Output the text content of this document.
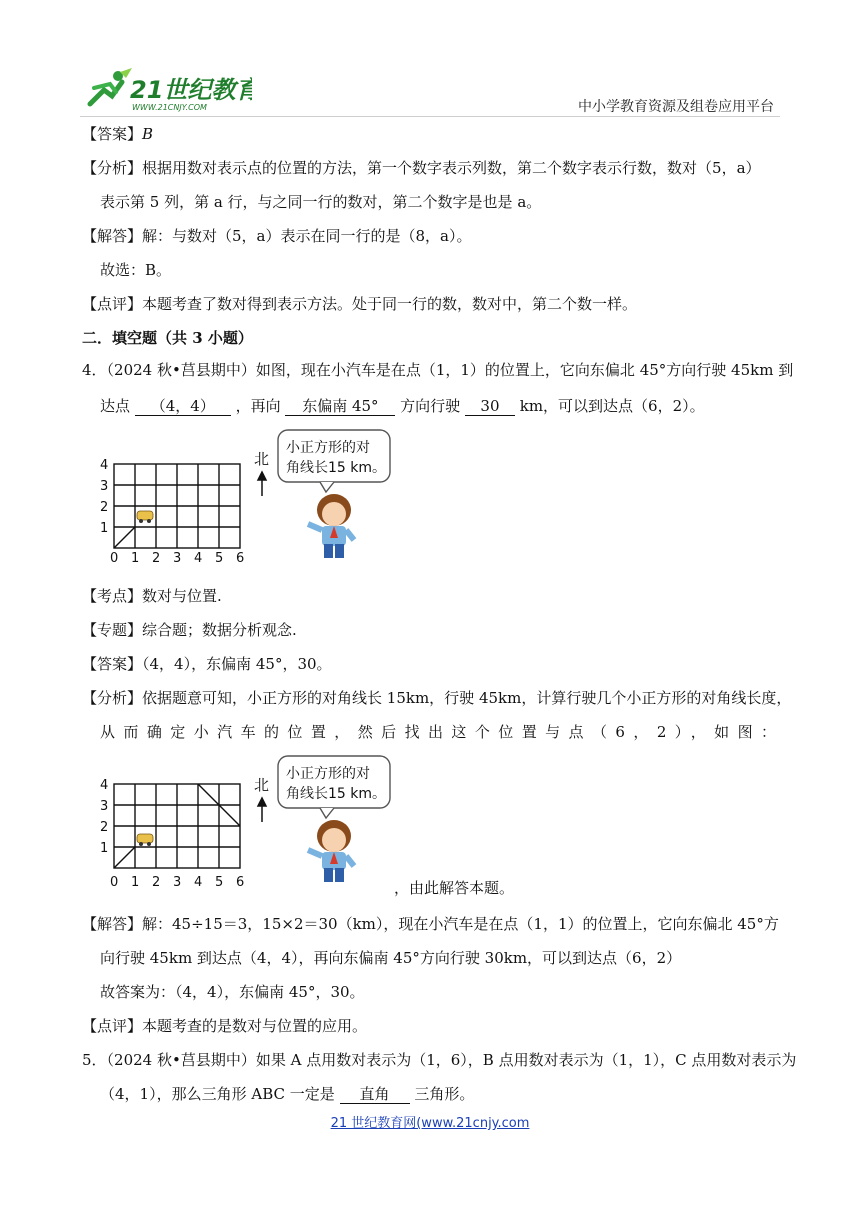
21世纪教育
WWW.21CNJY.COM	中小学教育资源及组卷应用平台
【答案】B
【分析】根据用数对表示点的位置的方法，第一个数字表示列数，第二个数字表示行数，数对（5，a）
表示第 5 列，第 a 行，与之同一行的数对，第二个数字是也是 a。
【解答】解：与数对（5，a）表示在同一行的是（8，a）。
故选：B。
【点评】本题考查了数对得到表示方法。处于同一行的数，数对中，第二个数一样。
二．填空题（共 3 小题）
4．（2024 秋•莒县期中）如图，现在小汽车是在点（1，1）的位置上，它向东偏北 45°方向行驶 45km 到
达点 （4，4） ，再向 东偏南 45° 方向行驶 30 km，可以到达点（6，2）。
4
3
2
1
0 1 2 3 4 5 6
北
小正方形的对
角线长15 km。
【考点】数对与位置.
【专题】综合题；数据分析观念.
【答案】（4，4），东偏南 45°，30。
【分析】依据题意可知，小正方形的对角线长 15km，行驶 45km，计算行驶几个小正方形的对角线长度，
从而确定小汽车的位置，然后找出这个位置与点（6，2），如图：
4
3
2
1
0 1 2 3 4 5 6
北
小正方形的对
角线长15 km。
，由此解答本题。
【解答】解：45÷15＝3，15×2＝30（km），现在小汽车是在点（1，1）的位置上，它向东偏北 45°方
向行驶 45km 到达点（4，4），再向东偏南 45°方向行驶 30km，可以到达点（6，2）
故答案为：（4，4），东偏南 45°，30。
【点评】本题考查的是数对与位置的应用。
5．（2024 秋•莒县期中）如果 A 点用数对表示为（1，6），B 点用数对表示为（1，1），C 点用数对表示为
（4，1），那么三角形 ABC 一定是 直角 三角形。
21 世纪教育网(www.21cnjy.com
